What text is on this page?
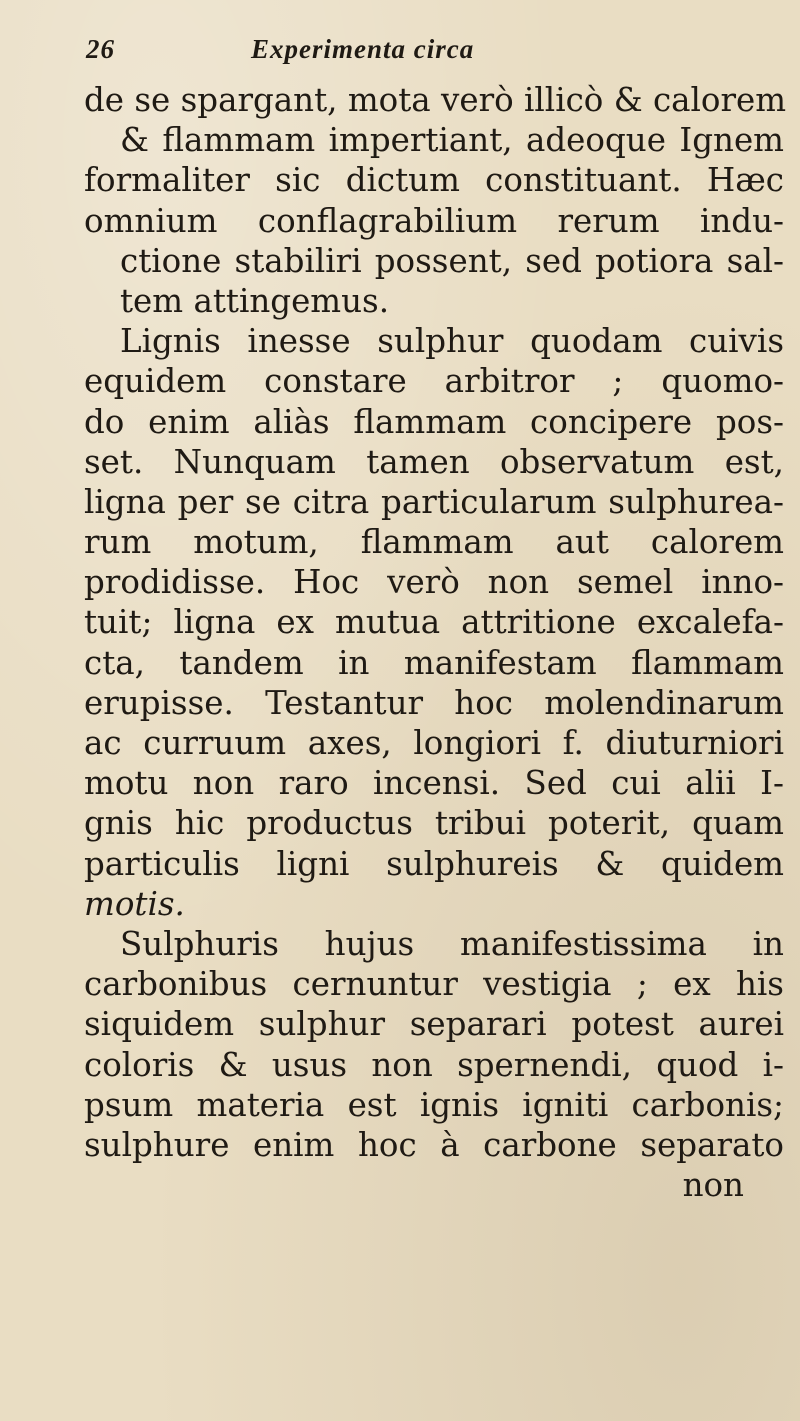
26	Experimenta circa
de se spargant, mota verò illicò & calorem
& flammam impertiant, adeoque Ignem
formaliter sic dictum constituant. Hæc
omnium conflagrabilium rerum indu-
ctione stabiliri possent, sed potiora sal-
tem attingemus.
Lignis inesse sulphur quodam cuivis
equidem constare arbitror ; quomo-
do enim aliàs flammam concipere pos-
set. Nunquam tamen observatum est,
ligna per se citra particularum sulphurea-
rum motum, flammam aut calorem
prodidisse. Hoc verò non semel inno-
tuit; ligna ex mutua attritione excalefa-
cta, tandem in manifestam flammam
erupisse. Testantur hoc molendinarum
ac curruum axes, longiori f. diuturniori
motu non raro incensi. Sed cui alii I-
gnis hic productus tribui poterit, quam
particulis ligni sulphureis & quidem
motis.
Sulphuris hujus manifestissima in
carbonibus cernuntur vestigia ; ex his
siquidem sulphur separari potest aurei
coloris & usus non spernendi, quod i-
psum materia est ignis igniti carbonis;
sulphure enim hoc à carbone separato
non
